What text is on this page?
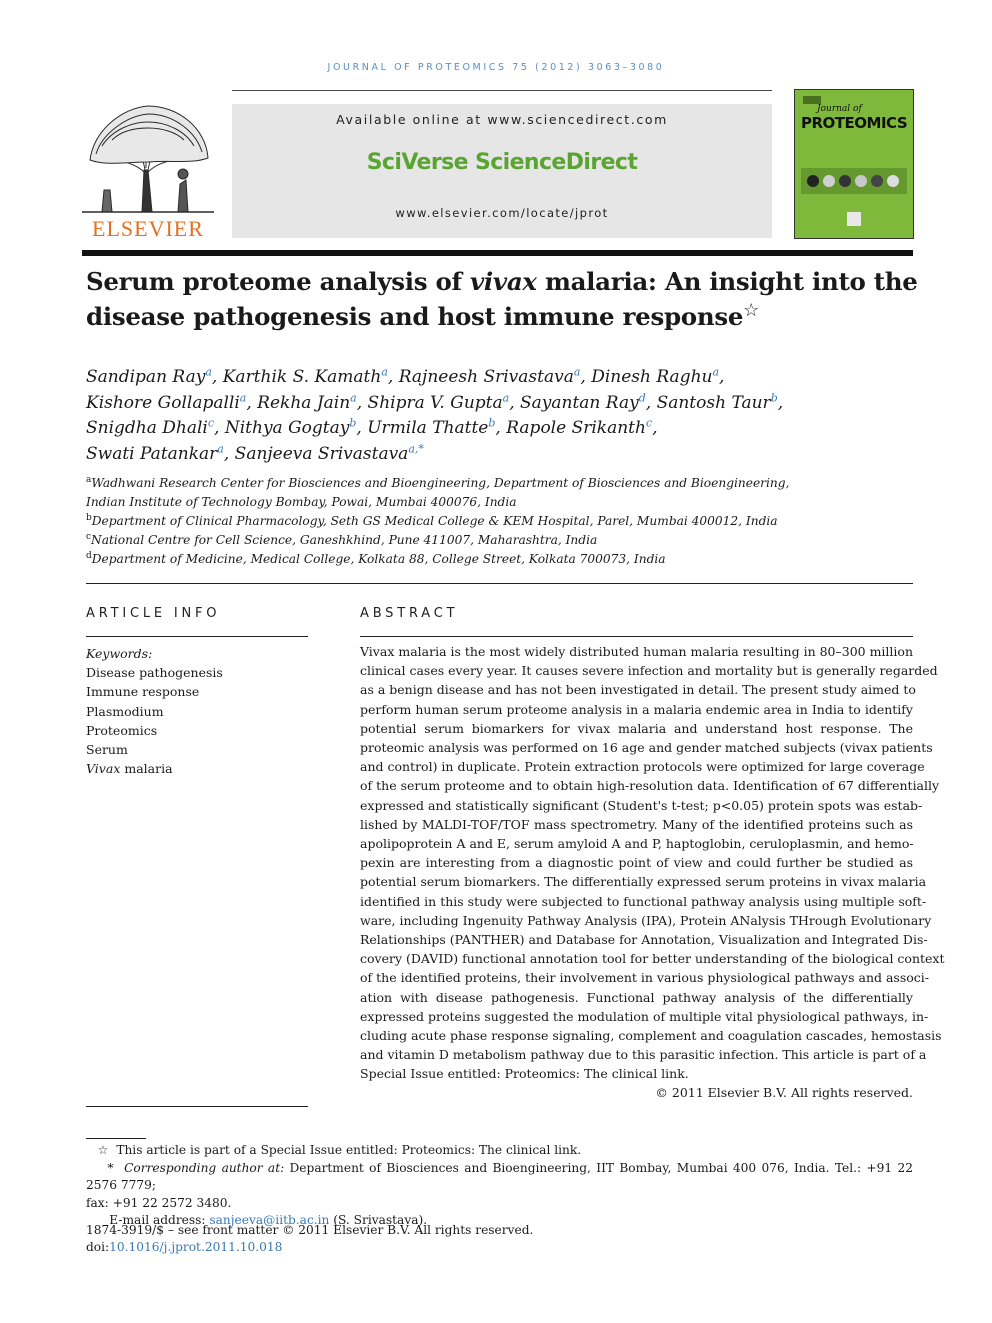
JOURNAL OF PROTEOMICS 75 (2012) 3063–3080
ELSEVIER
Available online at www.sciencedirect.com
SciVerse ScienceDirect
www.elsevier.com/locate/jprot
Journal of
PROTEOMICS
Serum proteome analysis of vivax malaria: An insight into the disease pathogenesis and host immune response☆
Sandipan Ray$^a$, Karthik S. Kamath$^a$, Rajneesh Srivastava$^a$, Dinesh Raghu$^a$,
Kishore Gollapalli$^a$, Rekha Jain$^a$, Shipra V. Gupta$^a$, Sayantan Ray$^d$, Santosh Taur$^b$,
Snigdha Dhali$^c$, Nithya Gogtay$^b$, Urmila Thatte$^b$, Rapole Srikanth$^c$,
Swati Patankar$^a$, Sanjeeva Srivastava$^{a,*}$
$^a$Wadhwani Research Center for Biosciences and Bioengineering, Department of Biosciences and Bioengineering,
Indian Institute of Technology Bombay, Powai, Mumbai 400076, India
$^b$Department of Clinical Pharmacology, Seth GS Medical College & KEM Hospital, Parel, Mumbai 400012, India
$^c$National Centre for Cell Science, Ganeshkhind, Pune 411007, Maharashtra, India
$^d$Department of Medicine, Medical College, Kolkata 88, College Street, Kolkata 700073, India
ARTICLE INFO
Keywords:
Disease pathogenesis
Immune response
Plasmodium
Proteomics
Serum
Vivax malaria
ABSTRACT
Vivax malaria is the most widely distributed human malaria resulting in 80–300 million
clinical cases every year. It causes severe infection and mortality but is generally regarded
as a benign disease and has not been investigated in detail. The present study aimed to
perform human serum proteome analysis in a malaria endemic area in India to identify
potential serum biomarkers for vivax malaria and understand host response. The
proteomic analysis was performed on 16 age and gender matched subjects (vivax patients
and control) in duplicate. Protein extraction protocols were optimized for large coverage
of the serum proteome and to obtain high-resolution data. Identification of 67 differentially
expressed and statistically significant (Student's t-test; p<0.05) protein spots was estab-
lished by MALDI-TOF/TOF mass spectrometry. Many of the identified proteins such as
apolipoprotein A and E, serum amyloid A and P, haptoglobin, ceruloplasmin, and hemo-
pexin are interesting from a diagnostic point of view and could further be studied as
potential serum biomarkers. The differentially expressed serum proteins in vivax malaria
identified in this study were subjected to functional pathway analysis using multiple soft-
ware, including Ingenuity Pathway Analysis (IPA), Protein ANalysis THrough Evolutionary
Relationships (PANTHER) and Database for Annotation, Visualization and Integrated Dis-
covery (DAVID) functional annotation tool for better understanding of the biological context
of the identified proteins, their involvement in various physiological pathways and associ-
ation with disease pathogenesis. Functional pathway analysis of the differentially
expressed proteins suggested the modulation of multiple vital physiological pathways, in-
cluding acute phase response signaling, complement and coagulation cascades, hemostasis
and vitamin D metabolism pathway due to this parasitic infection. This article is part of a
Special Issue entitled: Proteomics: The clinical link.
© 2011 Elsevier B.V. All rights reserved.
☆ This article is part of a Special Issue entitled: Proteomics: The clinical link.
* Corresponding author at: Department of Biosciences and Bioengineering, IIT Bombay, Mumbai 400 076, India. Tel.: +91 22 2576 7779;
fax: +91 22 2572 3480.
E-mail address: sanjeeva@iitb.ac.in (S. Srivastava).
1874-3919/$ – see front matter © 2011 Elsevier B.V. All rights reserved.
doi:10.1016/j.jprot.2011.10.018
